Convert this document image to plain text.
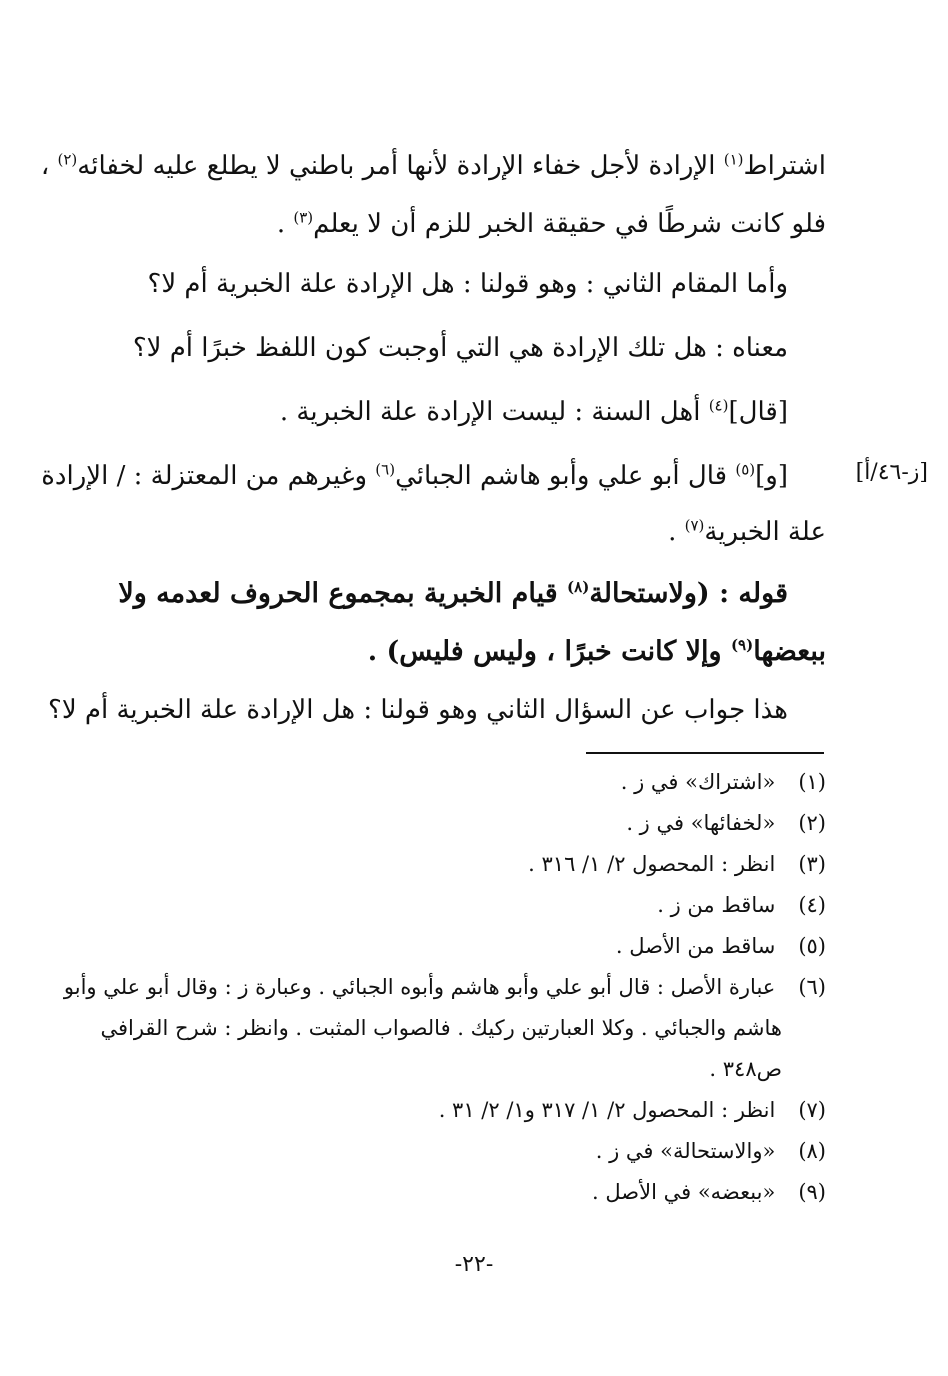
اشتراط$^{(١)}$ الإرادة لأجل خفاء الإرادة لأنها أمر باطني لا يطلع عليه لخفائه$^{(٢)}$ ،

فلو كانت شرطًا في حقيقة الخبر للزم أن لا يعلم$^{(٣)}$ .

وأما المقام الثاني : وهو قولنا : هل الإرادة علة الخبرية أم لا؟

معناه : هل تلك الإرادة هي التي أوجبت كون اللفظ خبرًا أم لا؟

[قال]$^{(٤)}$ أهل السنة : ليست الإرادة علة الخبرية .

[ز-٤٦/أ]

[و]$^{(٥)}$ قال أبو علي وأبو هاشم الجبائي$^{(٦)}$ وغيرهم من المعتزلة : / الإرادة

علة الخبرية$^{(٧)}$ .

قوله : (ولاستحالة$^{(٨)}$ قيام الخبرية بمجموع الحروف لعدمه ولا

ببعضها$^{(٩)}$ وإلا كانت خبرًا ، وليس فليس) .

هذا جواب عن السؤال الثاني وهو قولنا : هل الإرادة علة الخبرية أم لا؟

(١) «اشتراك» في ز .
(٢) «لخفائها» في ز .
(٣) انظر : المحصول ٢/ ١/ ٣١٦ .
(٤) ساقط من ز .
(٥) ساقط من الأصل .
(٦) عبارة الأصل : قال أبو علي وأبو هاشم وأبوه الجبائي . وعبارة ز : وقال أبو علي وأبو
هاشم والجبائي . وكلا العبارتين ركيك . فالصواب المثبت . وانظر : شرح القرافي
ص٣٤٨ .
(٧) انظر : المحصول ٢/ ١/ ٣١٧ و١/ ٢/ ٣١ .
(٨) «والاستحالة» في ز .
(٩) «ببعضه» في الأصل .
-٢٢-
